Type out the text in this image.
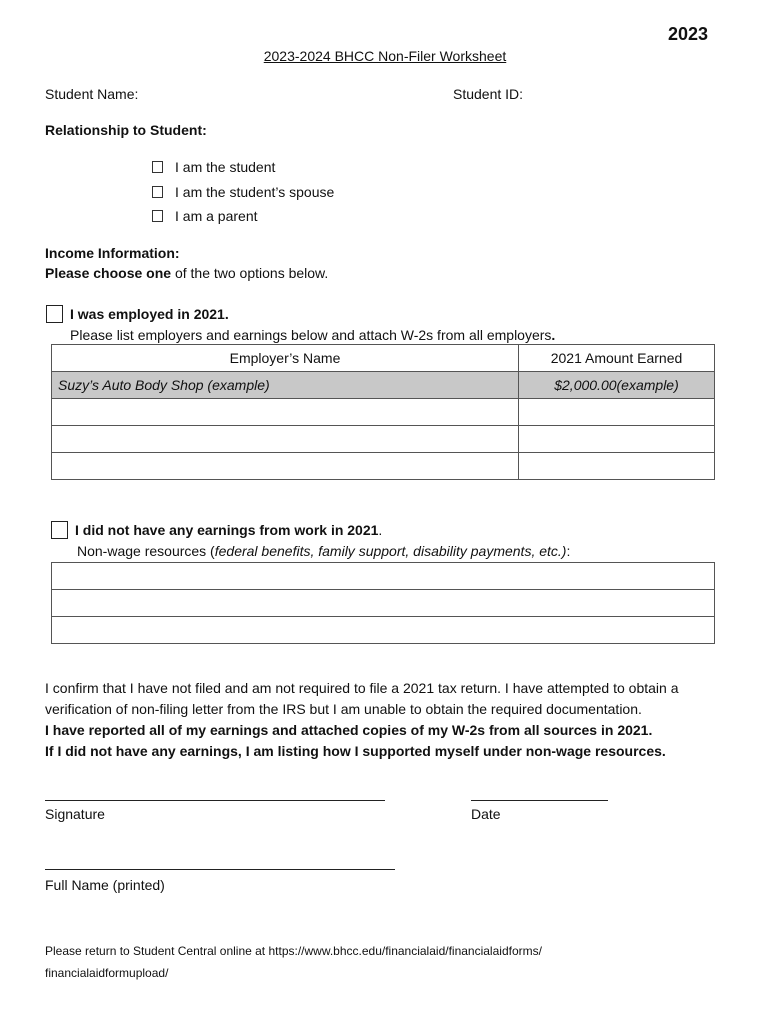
2023
2023-2024 BHCC Non-Filer Worksheet
Student Name:	Student ID:
Relationship to Student:
I am the student
I am the student’s spouse
I am a parent
Income Information:
Please choose one of the two options below.
I was employed in 2021.
Please list employers and earnings below and attach W-2s from all employers.
Employer’s Name	2021 Amount Earned
Suzy’s Auto Body Shop (example)	$2,000.00(example)

I did not have any earnings from work in 2021.
Non-wage resources (federal benefits, family support, disability payments, etc.):

I confirm that I have not filed and am not required to file a 2021 tax return. I have attempted to obtain a verification of non-filing letter from the IRS but I am unable to obtain the required documentation.
I have reported all of my earnings and attached copies of my W-2s from all sources in 2021.
If I did not have any earnings, I am listing how I supported myself under non-wage resources.
Signature	Date
Full Name (printed)
Please return to Student Central online at https://www.bhcc.edu/financialaid/financialaidforms/
financialaidformupload/
